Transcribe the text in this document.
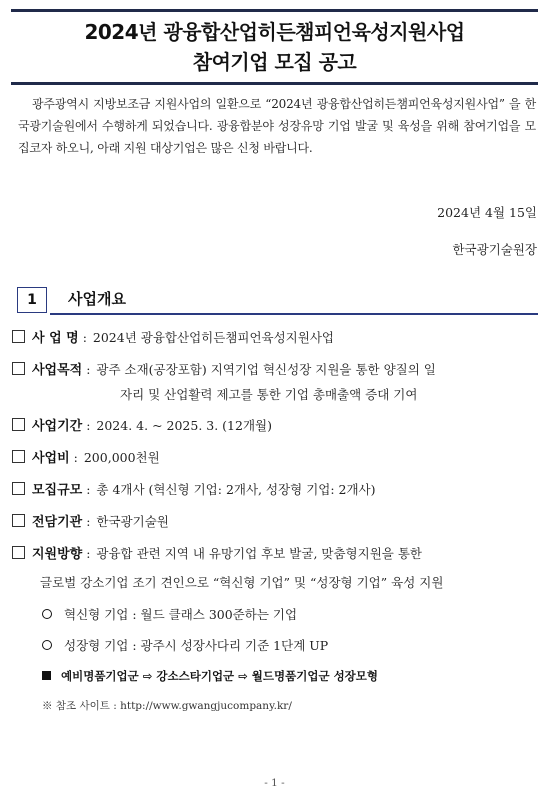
2024년 광융합산업히든챔피언육성지원사업
참여기업 모집 공고
광주광역시 지방보조금 지원사업의 일환으로 “2024년 광융합산업히든챔피언육성지원사업” 을 한국광기술원에서 수행하게 되었습니다. 광융합분야 성장유망 기업 발굴 및 육성을 위해 참여기업을 모집코자 하오니, 아래 지원 대상기업은 많은 신청 바랍니다.
2024년 4월 15일
한국광기술원장
1	사업개요
사 업 명 : 2024년 광융합산업히든챔피언육성지원사업
사업목적 : 광주 소재(공장포함) 지역기업 혁신성장 지원을 통한 양질의 일
자리 및 산업활력 제고를 통한 기업 총매출액 증대 기여
사업기간 : 2024. 4. ~ 2025. 3. (12개월)
사업비 : 200,000천원
모집규모 : 총 4개사 (혁신형 기업: 2개사, 성장형 기업: 2개사)
전담기관 : 한국광기술원
지원방향 : 광융합 관련 지역 내 유망기업 후보 발굴, 맞춤형지원을 통한
글로벌 강소기업 조기 견인으로 “혁신형 기업” 및 “성장형 기업” 육성 지원
혁신형 기업 : 월드 클래스 300준하는 기업
성장형 기업 : 광주시 성장사다리 기준 1단계 UP
예비명품기업군 ⇨ 강소스타기업군 ⇨ 월드명품기업군 성장모형
※ 참조 사이트 : http://www.gwangjucompany.kr/
- 1 -
